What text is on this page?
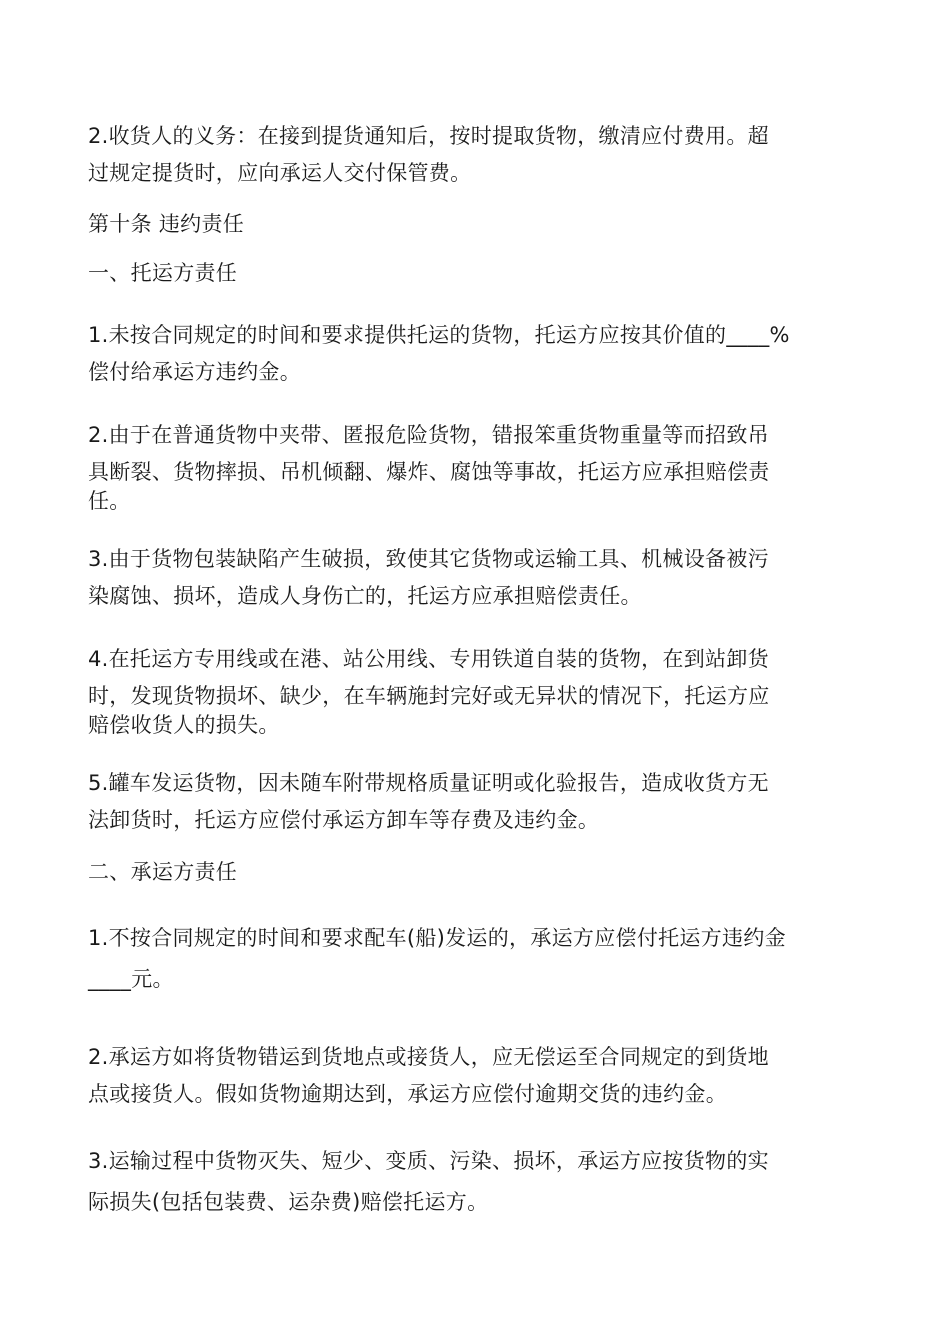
2.收货人的义务：在接到提货通知后，按时提取货物，缴清应付费用。超
过规定提货时，应向承运人交付保管费。
第十条 违约责任
一、托运方责任
1.未按合同规定的时间和要求提供托运的货物，托运方应按其价值的____%
偿付给承运方违约金。
2.由于在普通货物中夹带、匿报危险货物，错报笨重货物重量等而招致吊
具断裂、货物摔损、吊机倾翻、爆炸、腐蚀等事故，托运方应承担赔偿责
任。
3.由于货物包装缺陷产生破损，致使其它货物或运输工具、机械设备被污
染腐蚀、损坏，造成人身伤亡的，托运方应承担赔偿责任。
4.在托运方专用线或在港、站公用线、专用铁道自装的货物，在到站卸货
时，发现货物损坏、缺少，在车辆施封完好或无异状的情况下，托运方应
赔偿收货人的损失。
5.罐车发运货物，因未随车附带规格质量证明或化验报告，造成收货方无
法卸货时，托运方应偿付承运方卸车等存费及违约金。
二、承运方责任
1.不按合同规定的时间和要求配车(船)发运的，承运方应偿付托运方违约金
____元。
2.承运方如将货物错运到货地点或接货人，应无偿运至合同规定的到货地
点或接货人。假如货物逾期达到，承运方应偿付逾期交货的违约金。
3.运输过程中货物灭失、短少、变质、污染、损坏，承运方应按货物的实
际损失(包括包装费、运杂费)赔偿托运方。
